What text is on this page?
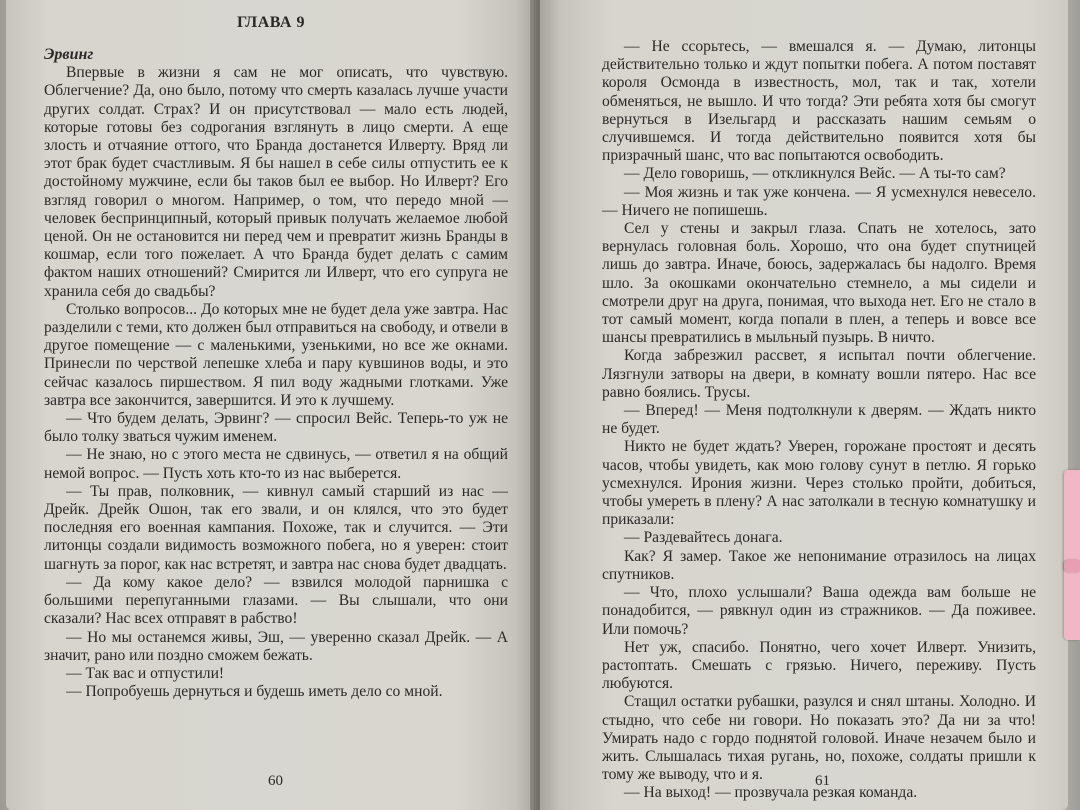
ГЛАВА 9

Эрвинг

Впервые в жизни я сам не мог описать, что чувствую. Облегчение? Да, оно было, потому что смерть казалась лучше участи других солдат. Страх? И он присутствовал — мало есть людей, которые готовы без содрогания взглянуть в лицо смерти. А еще злость и отчаяние оттого, что Бранда достанется Илверту. Вряд ли этот брак будет счастливым. Я бы нашел в себе силы отпустить ее к достойному мужчине, если бы таков был ее выбор. Но Илверт? Его взгляд говорил о многом. Например, о том, что передо мной — человек беспринципный, который привык получать желаемое любой ценой. Он не остановится ни перед чем и превратит жизнь Бранды в кошмар, если того пожелает. А что Бранда будет делать с самим фактом наших отношений? Смирится ли Илверт, что его супруга не хранила себя до свадьбы?

Столько вопросов... До которых мне не будет дела уже завтра. Нас разделили с теми, кто должен был отправиться на свободу, и отвели в другое помещение — с маленькими, узенькими, но все же окнами. Принесли по черствой лепешке хлеба и пару кувшинов воды, и это сейчас казалось пиршеством. Я пил воду жадными глотками. Уже завтра все закончится, завершится. И это к лучшему.

— Что будем делать, Эрвинг? — спросил Вейс. Теперь-то уж не было толку зваться чужим именем.

— Не знаю, но с этого места не сдвинусь, — ответил я на общий немой вопрос. — Пусть хоть кто-то из нас выберется.

— Ты прав, полковник, — кивнул самый старший из нас — Дрейк. Дрейк Ошон, так его звали, и он клялся, что это будет последняя его военная кампания. Похоже, так и случится. — Эти литонцы создали видимость возможного побега, но я уверен: стоит шагнуть за порог, как нас встретят, и завтра нас снова будет двадцать.

— Да кому какое дело? — взвился молодой парнишка с большими перепуганными глазами. — Вы слышали, что они сказали? Нас всех отправят в рабство!

— Но мы останемся живы, Эш, — уверенно сказал Дрейк. — А значит, рано или поздно сможем бежать.

— Так вас и отпустили!

— Попробуешь дернуться и будешь иметь дело со мной.

60

— Не ссорьтесь, — вмешался я. — Думаю, литонцы действительно только и ждут попытки побега. А потом поставят короля Осмонда в известность, мол, так и так, хотели обменяться, не вышло. И что тогда? Эти ребята хотя бы смогут вернуться в Изельгард и рассказать нашим семьям о случившемся. И тогда действительно появится хотя бы призрачный шанс, что вас попытаются освободить.

— Дело говоришь, — откликнулся Вейс. — А ты-то сам?

— Моя жизнь и так уже кончена. — Я усмехнулся невесело. — Ничего не попишешь.

Сел у стены и закрыл глаза. Спать не хотелось, зато вернулась головная боль. Хорошо, что она будет спутницей лишь до завтра. Иначе, боюсь, задержалась бы надолго. Время шло. За окошками окончательно стемнело, а мы сидели и смотрели друг на друга, понимая, что выхода нет. Его не стало в тот самый момент, когда попали в плен, а теперь и вовсе все шансы превратились в мыльный пузырь. В ничто.

Когда забрезжил рассвет, я испытал почти облегчение. Лязгнули затворы на двери, в комнату вошли пятеро. Нас все равно боялись. Трусы.

— Вперед! — Меня подтолкнули к дверям. — Ждать никто не будет.

Никто не будет ждать? Уверен, горожане простоят и десять часов, чтобы увидеть, как мою голову сунут в петлю. Я горько усмехнулся. Ирония жизни. Через столько пройти, добиться, чтобы умереть в плену? А нас затолкали в тесную комнатушку и приказали:

— Раздевайтесь донага.

Как? Я замер. Такое же непонимание отразилось на лицах спутников.

— Что, плохо услышали? Ваша одежда вам больше не понадобится, — рявкнул один из стражников. — Да поживее. Или помочь?

Нет уж, спасибо. Понятно, чего хочет Илверт. Унизить, растоптать. Смешать с грязью. Ничего, переживу. Пусть любуются.

Стащил остатки рубашки, разулся и снял штаны. Холодно. И стыдно, что себе ни говори. Но показать это? Да ни за что! Умирать надо с гордо поднятой головой. Иначе незачем было и жить. Слышалась тихая ругань, но, похоже, солдаты пришли к тому же выводу, что и я.

— На выход! — прозвучала резкая команда.

61
